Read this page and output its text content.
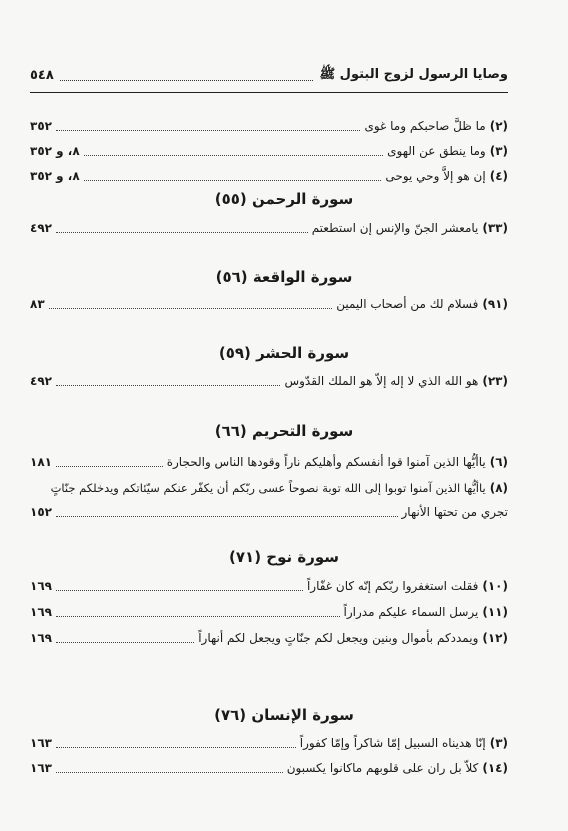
وصايا الرسول لزوج البتول ﷺ
٥٤٨
(٢)
ما ظلَّ صاحبكم وما غوى
٣٥٢
(٣)
وما ينطق عن الهوى
٨، و ٣٥٢
(٤)
إن هو إلاَّ وحي يوحى
٨، و ٣٥٢
سورة الرحمن (٥٥)
(٣٣)
يامعشر الجنّ والإنس إن استطعتم
٤٩٢
سورة الواقعة (٥٦)
(٩١)
فسلام لك من أصحاب اليمين
٨٣
سورة الحشر (٥٩)
(٢٣)
هو الله الذي لا إله إلاّ هو الملك القدّوس
٤٩٢
سورة التحريم (٦٦)
(٦)
ياأيُّها الذين آمنوا قوا أنفسكم وأهليكم ناراً وقودها الناس والحجارة
١٨١
(٨)
ياأيُّها الذين آمنوا توبوا إلى الله توبة نصوحاً عسى ربّكم أن يكفّر عنكم سيّئاتكم ويدخلكم جنّاتٍ
تجري من تحتها الأنهار
١٥٢
سورة نوح (٧١)
(١٠)
فقلت استغفروا ربّكم إنّه كان غفّاراً
١٦٩
(١١)
يرسل السماء عليكم مدراراً
١٦٩
(١٢)
ويمددكم بأموال وبنين ويجعل لكم جنّاتٍ ويجعل لكم أنهاراً
١٦٩
سورة الإنسان (٧٦)
(٣)
إنّا هديناه السبيل إمّا شاكراً وإمّا كفوراً
١٦٣
(١٤)
كلاّ بل ران على قلوبهم ماكانوا يكسبون
١٦٣
